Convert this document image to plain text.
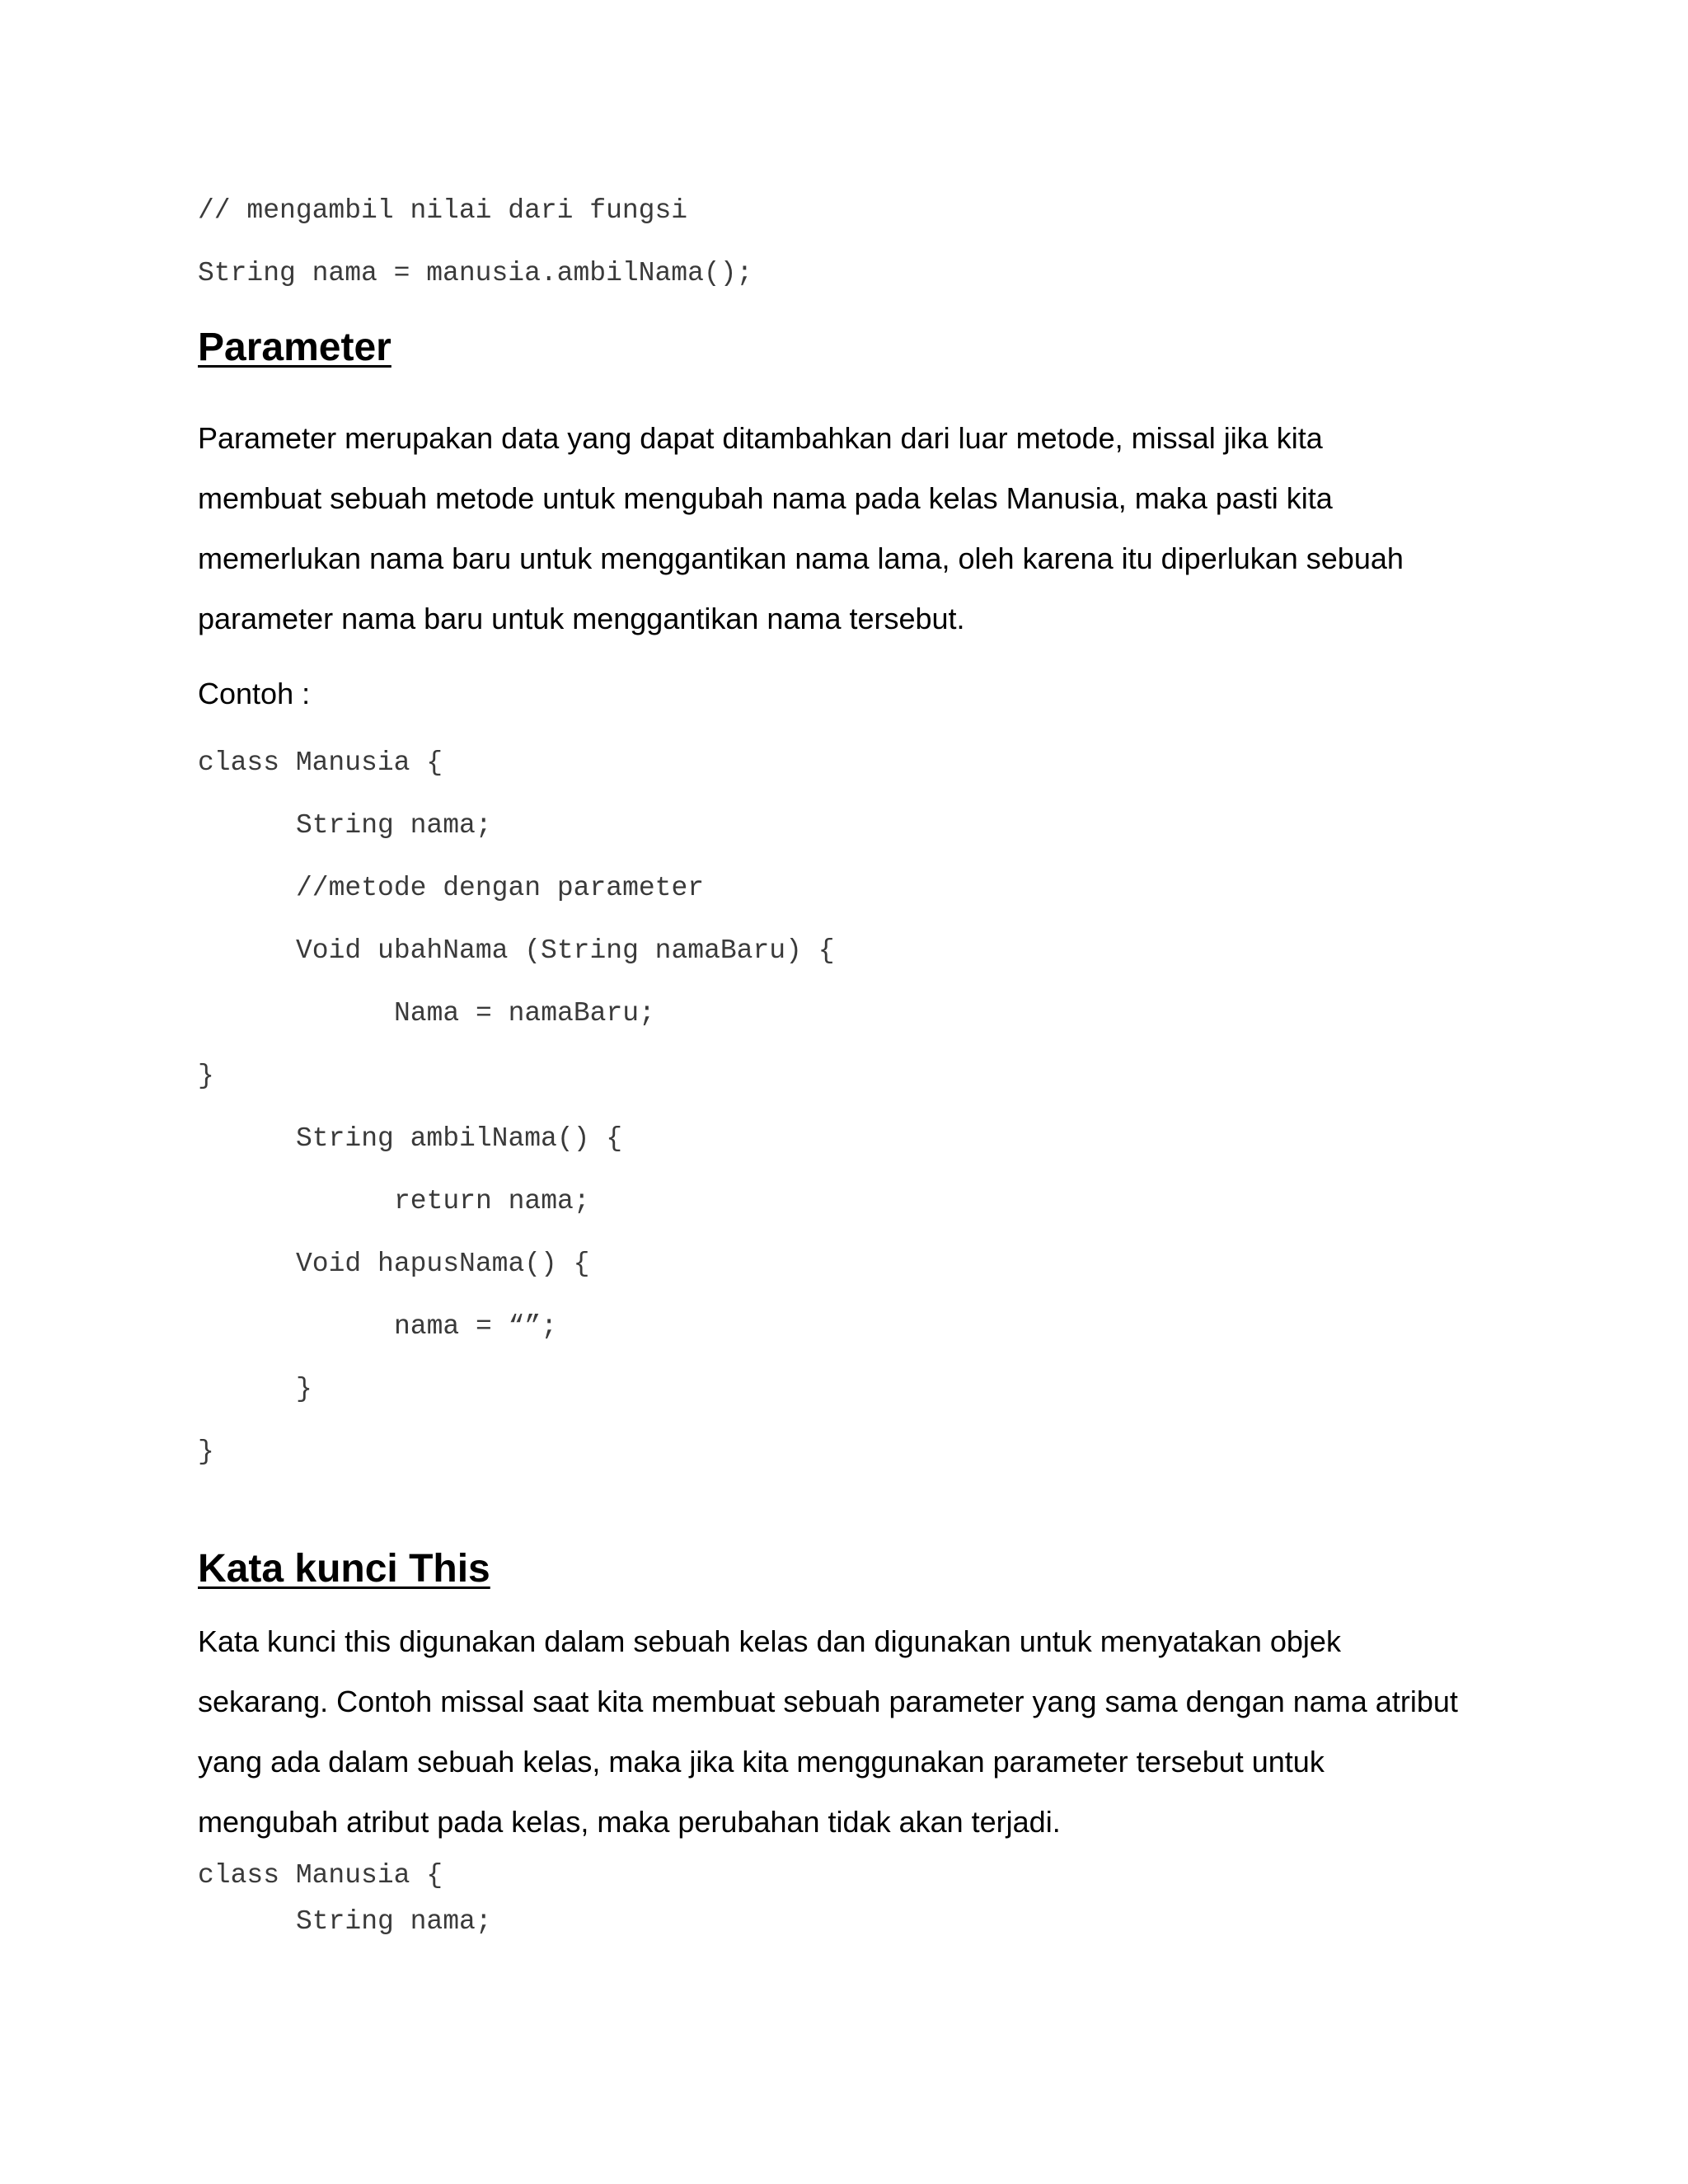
// mengambil nilai dari fungsi
String nama = manusia.ambilNama();
Parameter
Parameter merupakan data yang dapat ditambahkan dari luar metode, missal jika kita
membuat sebuah metode untuk mengubah nama pada kelas Manusia, maka pasti kita
memerlukan nama baru untuk menggantikan nama lama, oleh karena itu diperlukan sebuah
parameter nama baru untuk menggantikan nama tersebut.
Contoh :
class Manusia {
String nama;
//metode dengan parameter
Void ubahNama (String namaBaru) {
Nama = namaBaru;
}
String ambilNama() {
return nama;
Void hapusNama() {
nama = “”;
}
}
Kata kunci This
Kata kunci this digunakan dalam sebuah kelas dan digunakan untuk menyatakan objek
sekarang. Contoh missal saat kita membuat sebuah parameter yang sama dengan nama atribut
yang ada dalam sebuah kelas, maka jika kita menggunakan parameter tersebut untuk
mengubah atribut pada kelas, maka perubahan tidak akan terjadi.
class Manusia {
String nama;
